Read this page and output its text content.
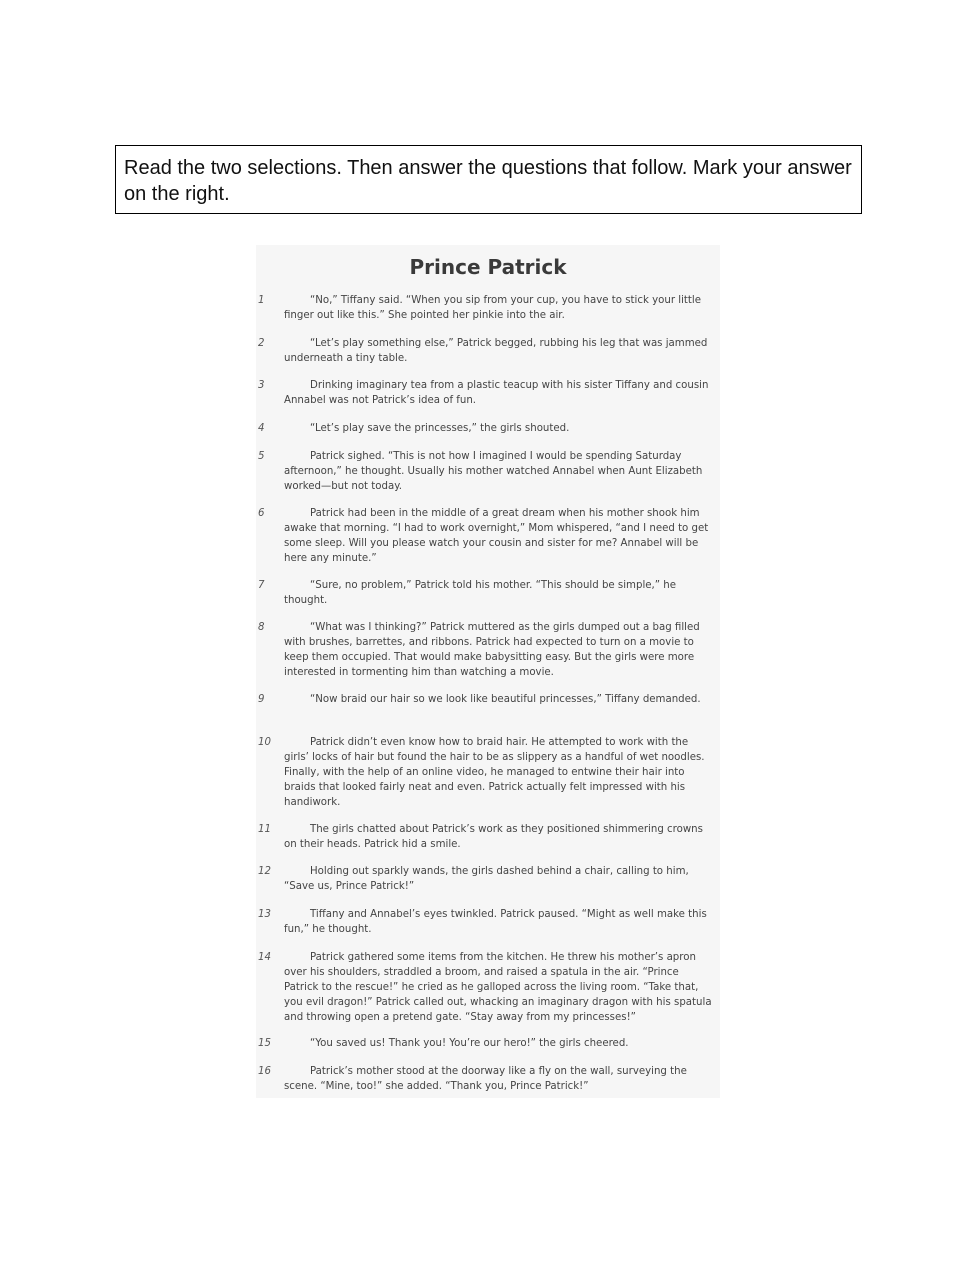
Read the two selections. Then answer the questions that follow. Mark your answer on the right.
Prince Patrick
1	“No,” Tiffany said. “When you sip from your cup, you have to stick your little finger out like this.” She pointed her pinkie into the air.

2	“Let’s play something else,” Patrick begged, rubbing his leg that was jammed underneath a tiny table.

3	Drinking imaginary tea from a plastic teacup with his sister Tiffany and cousin Annabel was not Patrick’s idea of fun.

4	“Let’s play save the princesses,” the girls shouted.

5	Patrick sighed. “This is not how I imagined I would be spending Saturday afternoon,” he thought. Usually his mother watched Annabel when Aunt Elizabeth worked—but not today.

6	Patrick had been in the middle of a great dream when his mother shook him awake that morning. “I had to work overnight,” Mom whispered, “and I need to get some sleep. Will you please watch your cousin and sister for me? Annabel will be here any minute.”

7	“Sure, no problem,” Patrick told his mother. “This should be simple,” he thought.

8	“What was I thinking?” Patrick muttered as the girls dumped out a bag filled with brushes, barrettes, and ribbons. Patrick had expected to turn on a movie to keep them occupied. That would make babysitting easy. But the girls were more interested in tormenting him than watching a movie.

9	“Now braid our hair so we look like beautiful princesses,” Tiffany demanded.

10	Patrick didn’t even know how to braid hair. He attempted to work with the girls’ locks of hair but found the hair to be as slippery as a handful of wet noodles. Finally, with the help of an online video, he managed to entwine their hair into braids that looked fairly neat and even. Patrick actually felt impressed with his handiwork.

11	The girls chatted about Patrick’s work as they positioned shimmering crowns on their heads. Patrick hid a smile.

12	Holding out sparkly wands, the girls dashed behind a chair, calling to him, “Save us, Prince Patrick!”

13	Tiffany and Annabel’s eyes twinkled. Patrick paused. “Might as well make this fun,” he thought.

14	Patrick gathered some items from the kitchen. He threw his mother’s apron over his shoulders, straddled a broom, and raised a spatula in the air. “Prince Patrick to the rescue!” he cried as he galloped across the living room. “Take that, you evil dragon!” Patrick called out, whacking an imaginary dragon with his spatula and throwing open a pretend gate. “Stay away from my princesses!”

15	“You saved us! Thank you! You’re our hero!” the girls cheered.

16	Patrick’s mother stood at the doorway like a fly on the wall, surveying the scene. “Mine, too!” she added. “Thank you, Prince Patrick!”
